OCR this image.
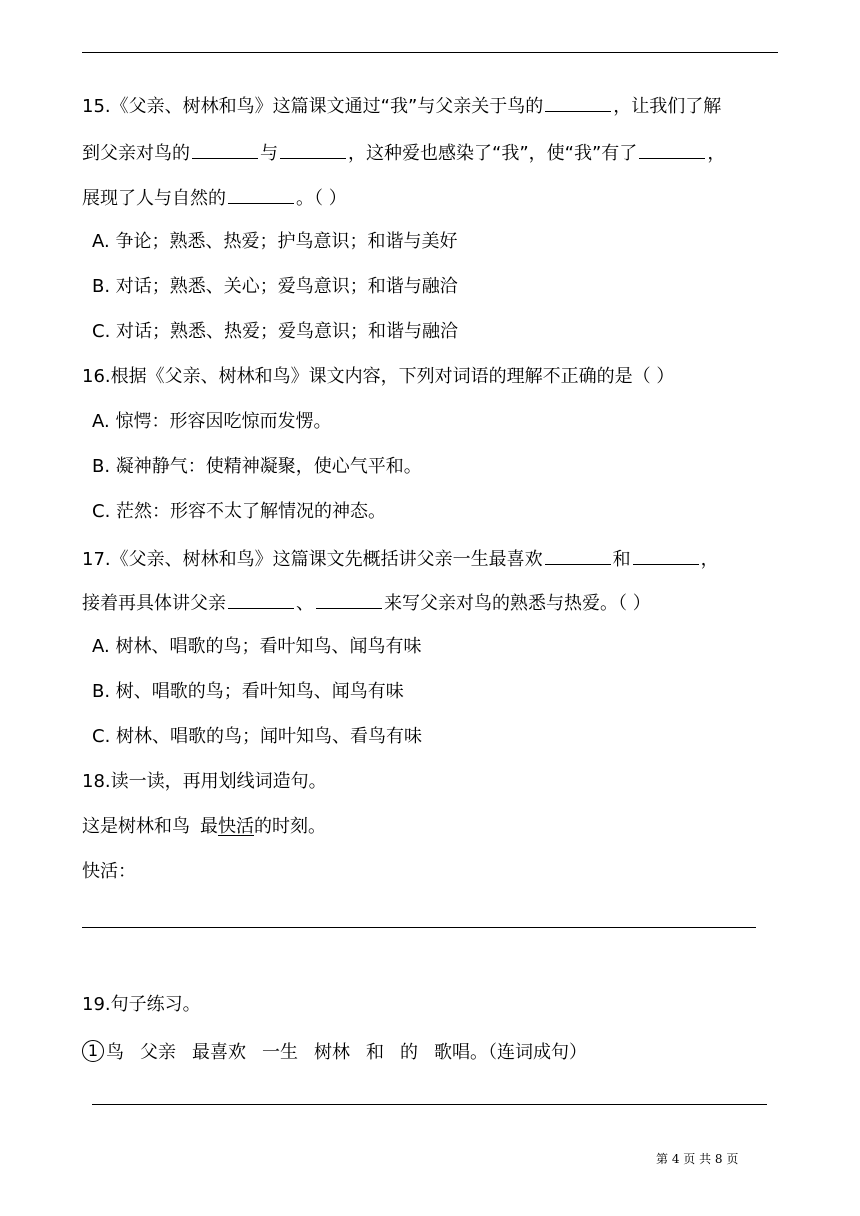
15.《父亲、树林和鸟》这篇课文通过“我”与父亲关于鸟的	，让我们了解
到父亲对鸟的	与	，这种爱也感染了“我”，使“我”有了	，
展现了人与自然的	。（ ）
A. 争论；熟悉、热爱；护鸟意识；和谐与美好
B. 对话；熟悉、关心；爱鸟意识；和谐与融洽
C. 对话；熟悉、热爱；爱鸟意识；和谐与融洽
16.根据《父亲、树林和鸟》课文内容，下列对词语的理解不正确的是（ ）
A. 惊愕：形容因吃惊而发愣。
B. 凝神静气：使精神凝聚，使心气平和。
C. 茫然：形容不太了解情况的神态。
17.《父亲、树林和鸟》这篇课文先概括讲父亲一生最喜欢	和	，
接着再具体讲父亲	、	来写父亲对鸟的熟悉与热爱。（ ）
A. 树林、唱歌的鸟；看叶知鸟、闻鸟有味
B. 树、唱歌的鸟；看叶知鸟、闻鸟有味
C. 树林、唱歌的鸟；闻叶知鸟、看鸟有味
18.读一读，再用划线词造句。
这是树林和鸟 最快活的时刻。
快活：
19.句子练习。
1 鸟 父亲 最喜欢 一生 树林 和 的 歌唱。（连词成句）
第 4 页 共 8 页
